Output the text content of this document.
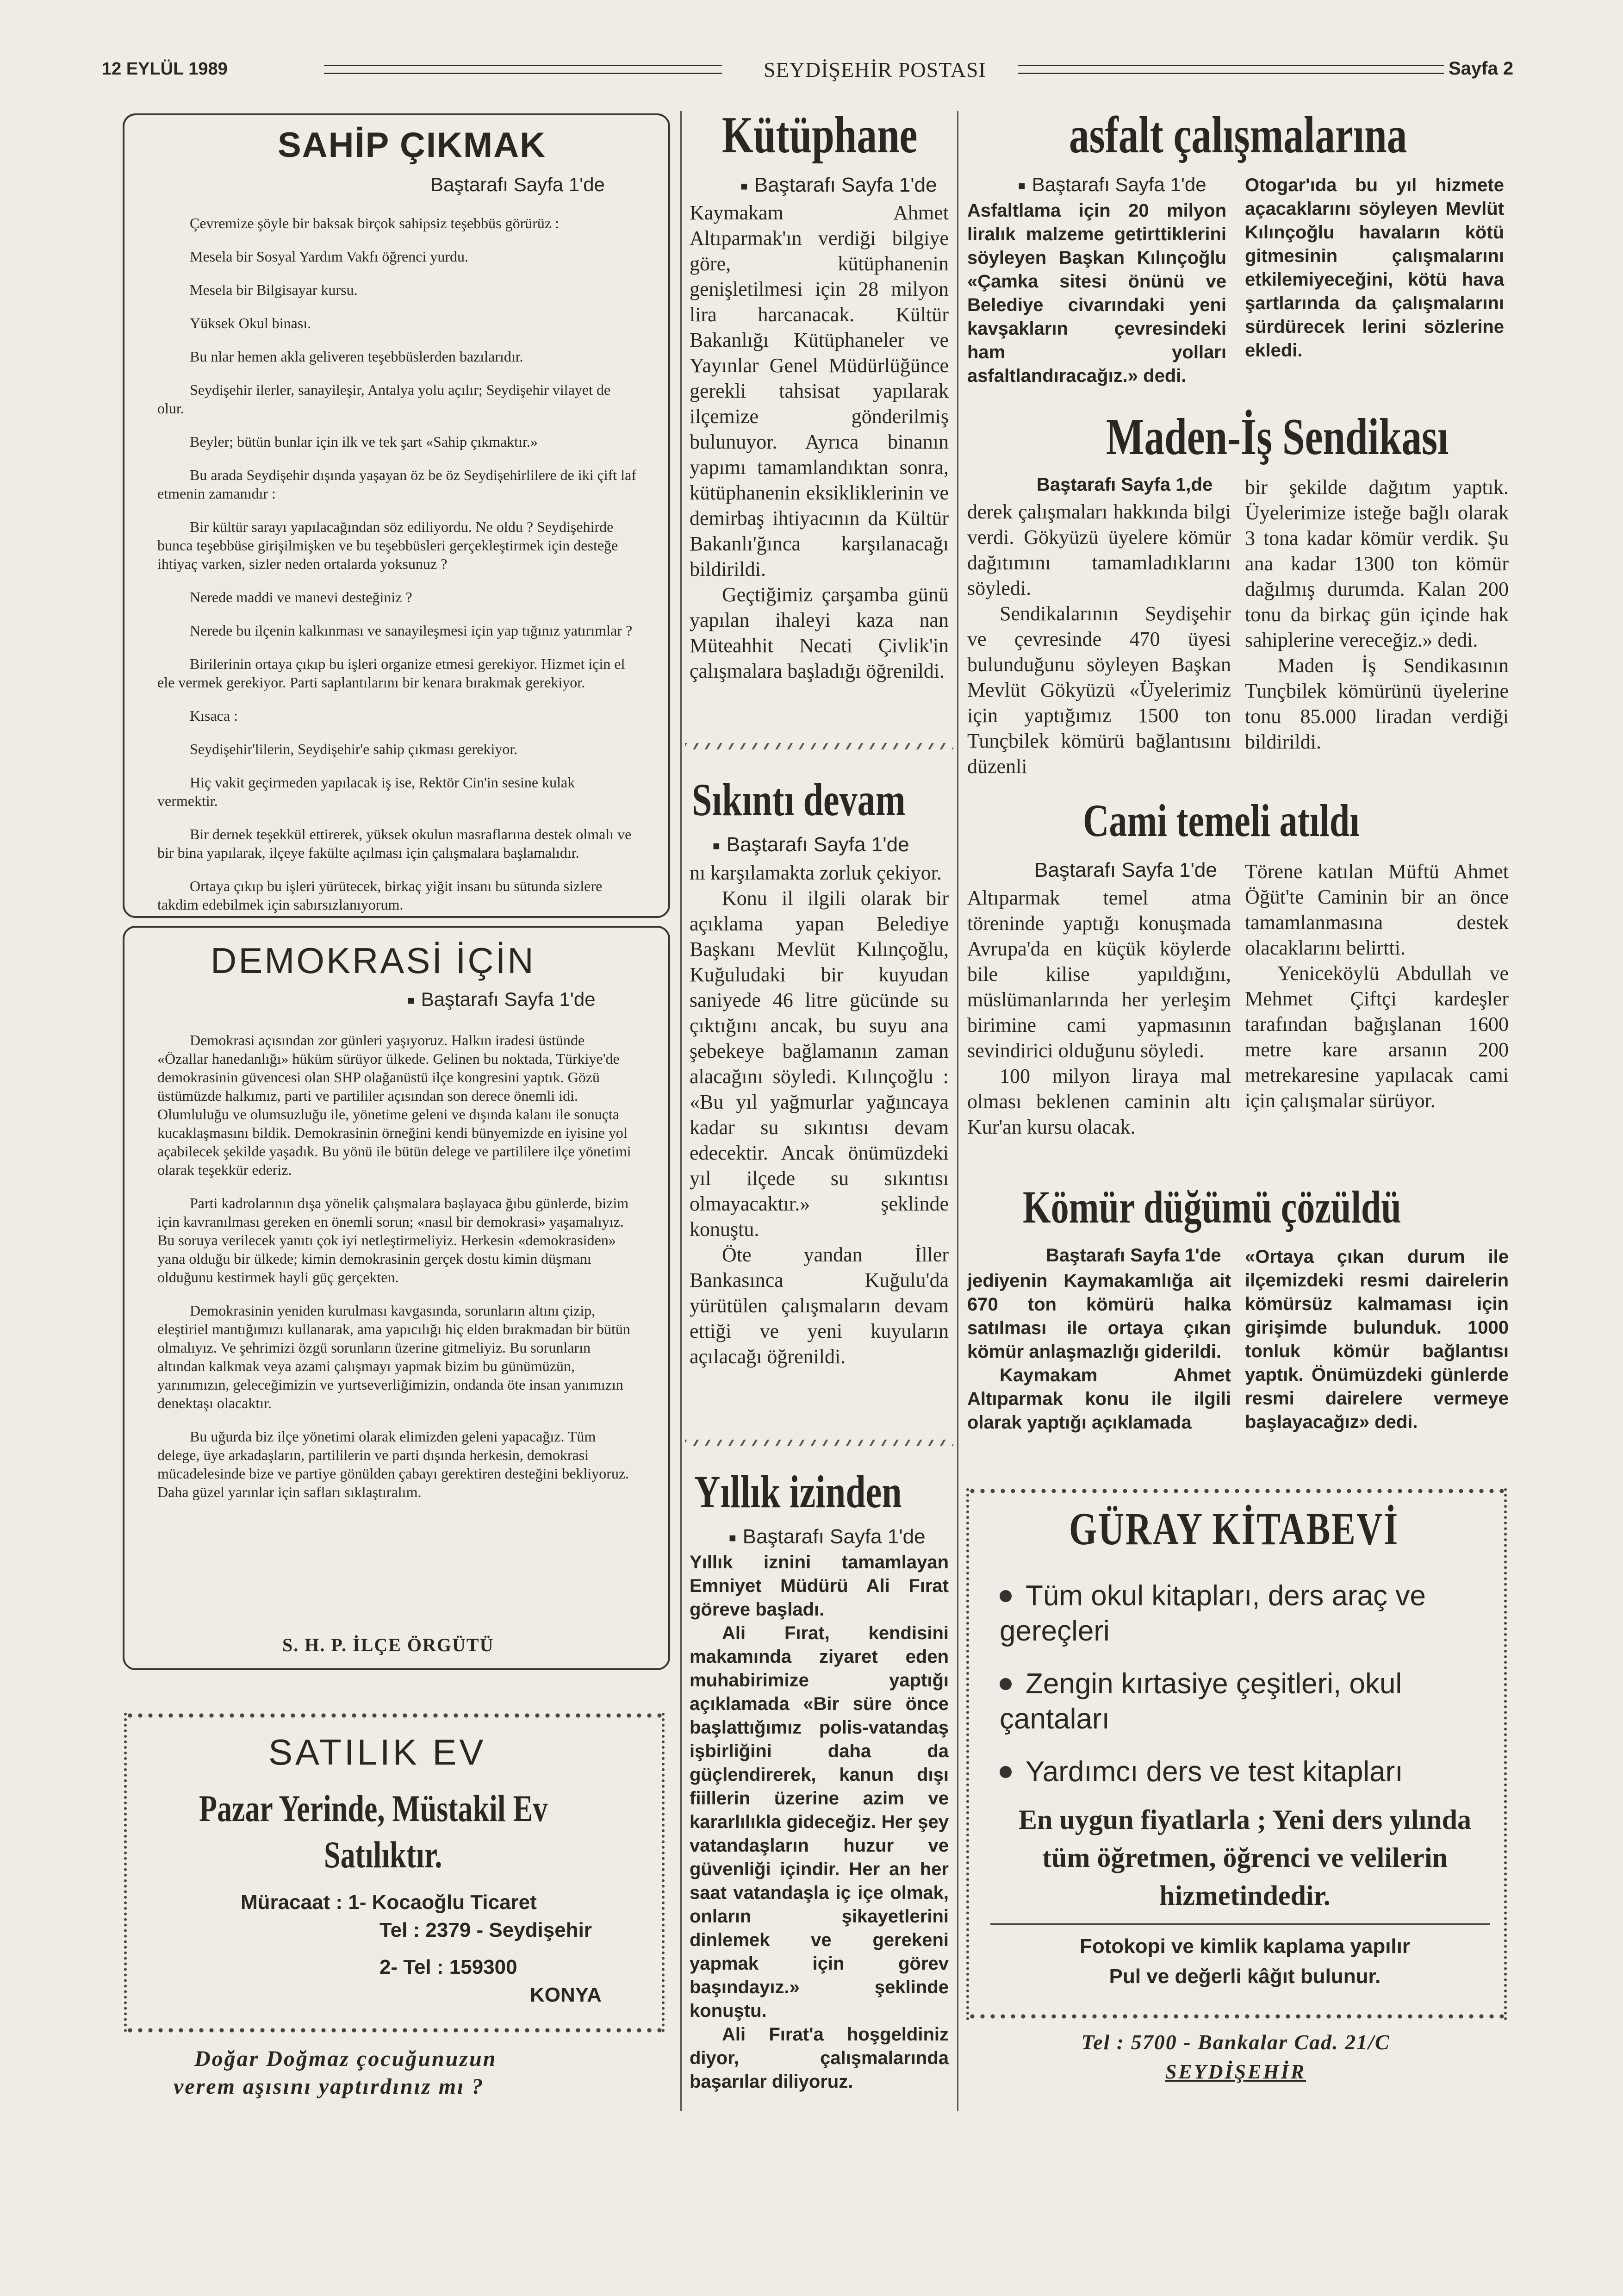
12 EYLÜL 1989	SEYDİŞEHİR POSTASI	Sayfa 2
SAHİP ÇIKMAK
Baştarafı Sayfa 1'de

Çevremize şöyle bir baksak birçok sahipsiz teşebbüs görürüz :

Mesela bir Sosyal Yardım Vakfı öğrenci yurdu.

Mesela bir Bilgisayar kursu.

Yüksek Okul binası.

Bu nlar hemen akla geliveren teşebbüslerden bazılarıdır.

Seydişehir ilerler, sanayileşir, Antalya yolu açılır; Seydişehir vilayet de olur.

Beyler; bütün bunlar için ilk ve tek şart «Sahip çıkmaktır.»

Bu arada Seydişehir dışında yaşayan öz be öz Seydişehirlilere de iki çift laf etmenin zamanıdır :

Bir kültür sarayı yapılacağından söz ediliyordu. Ne oldu ? Seydişehirde bunca teşebbüse girişilmişken ve bu teşebbüsleri gerçekleştirmek için desteğe ihtiyaç varken, sizler neden ortalarda yoksunuz ?

Nerede maddi ve manevi desteğiniz ?

Nerede bu ilçenin kalkınması ve sanayileşmesi için yap tığınız yatırımlar ?

Birilerinin ortaya çıkıp bu işleri organize etmesi gerekiyor. Hizmet için el ele vermek gerekiyor. Parti saplantılarını bir kenara bırakmak gerekiyor.

Kısaca :

Seydişehir'lilerin, Seydişehir'e sahip çıkması gerekiyor.

Hiç vakit geçirmeden yapılacak iş ise, Rektör Cin'in sesine kulak vermektir.

Bir dernek teşekkül ettirerek, yüksek okulun masraflarına destek olmalı ve bir bina yapılarak, ilçeye fakülte açılması için çalışmalara başlamalıdır.

Ortaya çıkıp bu işleri yürütecek, birkaç yiğit insanı bu sütunda sizlere takdim edebilmek için sabırsızlanıyorum.

DEMOKRASİ İÇİN
■ Baştarafı Sayfa 1'de

Demokrasi açısından zor günleri yaşıyoruz. Halkın iradesi üstünde «Özallar hanedanlığı» hüküm sürüyor ülkede. Gelinen bu noktada, Türkiye'de demokrasinin güvencesi olan SHP olağanüstü ilçe kongresini yaptık. Gözü üstümüzde halkımız, parti ve partililer açısından son derece önemli idi. Olumluluğu ve olumsuzluğu ile, yönetime geleni ve dışında kalanı ile sonuçta kucaklaşmasını bildik. Demokrasinin örneğini kendi bünyemizde en iyisine yol açabilecek şekilde yaşadık. Bu yönü ile bütün delege ve partililere ilçe yönetimi olarak teşekkür ederiz.

Parti kadrolarının dışa yönelik çalışmalara başlayaca ğıbu günlerde, bizim için kavranılması gereken en önemli sorun; «nasıl bir demokrasi» yaşamalıyız. Bu soruya verilecek yanıtı çok iyi netleştirmeliyiz. Herkesin «demokrasiden» yana olduğu bir ülkede; kimin demokrasinin gerçek dostu kimin düşmanı olduğunu kestirmek hayli güç gerçekten.

Demokrasinin yeniden kurulması kavgasında, sorunların altını çizip, eleştiriel mantığımızı kullanarak, ama yapıcılığı hiç elden bırakmadan bir bütün olmalıyız. Ve şehrimizi özgü sorunların üzerine gitmeliyiz. Bu sorunların altından kalkmak veya azami çalışmayı yapmak bizim bu günümüzün, yarınımızın, geleceğimizin ve yurtseverliğimizin, ondanda öte insan yanımızın denektaşı olacaktır.

Bu uğurda biz ilçe yönetimi olarak elimizden geleni yapacağız. Tüm delege, üye arkadaşların, partililerin ve parti dışında herkesin, demokrasi mücadelesinde bize ve partiye gönülden çabayı gerektiren desteğini bekliyoruz. Daha güzel yarınlar için safları sıklaştıralım.

S. H. P. İLÇE ÖRGÜTÜ
SATILIK EV
Pazar Yerinde, Müstakil Ev
Satılıktır.
Müracaat : 1- Kocaoğlu Ticaret
Tel : 2379 - Seydişehir
2- Tel : 159300
KONYA
Doğar Doğmaz çocuğunuzun
verem aşısını yaptırdınız mı ?
Kütüphane
■ Baştarafı Sayfa 1'de

Kaymakam Ahmet Altıparmak'ın verdiği bilgiye göre, kütüphanenin genişletilmesi için 28 milyon lira harcanacak. Kültür Bakanlığı Kütüphaneler ve Yayınlar Genel Müdürlüğünce gerekli tahsisat yapılarak ilçemize gönderilmiş bulunuyor. Ayrıca binanın yapımı tamamlandıktan sonra, kütüphanenin eksikliklerinin ve demirbaş ihtiyacının da Kültür Bakanlı'ğınca karşılanacağı bildirildi.

Geçtiğimiz çarşamba günü yapılan ihaleyi kaza nan Müteahhit Necati Çivlik'in çalışmalara başladığı öğrenildi.

Sıkıntı devam
■ Baştarafı Sayfa 1'de

nı karşılamakta zorluk çekiyor.

Konu il ilgili olarak bir açıklama yapan Belediye Başkanı Mevlüt Kılınçoğlu, Kuğuludaki bir kuyudan saniyede 46 litre gücünde su çıktığını ancak, bu suyu ana şebekeye bağlamanın zaman alacağını söyledi. Kılınçoğlu : «Bu yıl yağmurlar yağıncaya kadar su sıkıntısı devam edecektir. Ancak önümüzdeki yıl ilçede su sıkıntısı olmayacaktır.» şeklinde konuştu.

Öte yandan İller Bankasınca Kuğulu'da yürütülen çalışmaların devam ettiği ve yeni kuyuların açılacağı öğrenildi.

Yıllık izinden
■ Baştarafı Sayfa 1'de

Yıllık iznini tamamlayan Emniyet Müdürü Ali Fırat göreve başladı.

Ali Fırat, kendisini makamında ziyaret eden muhabirimize yaptığı açıklamada «Bir süre önce başlattığımız polis-vatandaş işbirliğini daha da güçlendirerek, kanun dışı fiillerin üzerine azim ve kararlılıkla gideceğiz. Her şey vatandaşların huzur ve güvenliği içindir. Her an her saat vatandaşla iç içe olmak, onların şikayetlerini dinlemek ve gerekeni yapmak için görev başındayız.» şeklinde konuştu.

Ali Fırat'a hoşgeldiniz diyor, çalışmalarında başarılar diliyoruz.

asfalt çalışmalarına
■ Baştarafı Sayfa 1'de

Asfaltlama için 20 milyon liralık malzeme getirttiklerini söyleyen Başkan Kılınçoğlu «Çamka sitesi önünü ve Belediye civarındaki yeni kavşakların çevresindeki ham yolları asfaltlandıracağız.» dedi.

Otogar'ıda bu yıl hizmete açacaklarını söyleyen Mevlüt Kılınçoğlu havaların kötü gitmesinin çalışmalarını etkilemiyeceğini, kötü hava şartlarında da çalışmalarını sürdürecek lerini sözlerine ekledi.

Maden-İş Sendikası
Baştarafı Sayfa 1,de

derek çalışmaları hakkında bilgi verdi. Gökyüzü üyelere kömür dağıtımını tamamladıklarını söyledi.

Sendikalarının Seydişehir ve çevresinde 470 üyesi bulunduğunu söyleyen Başkan Mevlüt Gökyüzü «Üyelerimiz için yaptığımız 1500 ton Tunçbilek kömürü bağlantısını düzenli

bir şekilde dağıtım yaptık. Üyelerimize isteğe bağlı olarak 3 tona kadar kömür verdik. Şu ana kadar 1300 ton kömür dağılmış durumda. Kalan 200 tonu da birkaç gün içinde hak sahiplerine vereceğiz.» dedi.

Maden İş Sendikasının Tunçbilek kömürünü üyelerine tonu 85.000 liradan verdiği bildirildi.

Cami temeli atıldı
Baştarafı Sayfa 1'de

Altıparmak temel atma töreninde yaptığı konuşmada Avrupa'da en küçük köylerde bile kilise yapıldığını, müslümanlarında her yerleşim birimine cami yapmasının sevindirici olduğunu söyledi.

100 milyon liraya mal olması beklenen caminin altı Kur'an kursu olacak.

Törene katılan Müftü Ahmet Öğüt'te Caminin bir an önce tamamlanmasına destek olacaklarını belirtti.

Yeniceköylü Abdullah ve Mehmet Çiftçi kardeşler tarafından bağışlanan 1600 metre kare arsanın 200 metrekaresine yapılacak cami için çalışmalar sürüyor.

Kömür düğümü çözüldü
Baştarafı Sayfa 1'de

jediyenin Kaymakamlığa ait 670 ton kömürü halka satılması ile ortaya çıkan kömür anlaşmazlığı giderildi.

Kaymakam Ahmet Altıparmak konu ile ilgili olarak yaptığı açıklamada

«Ortaya çıkan durum ile ilçemizdeki resmi dairelerin kömürsüz kalmaması için girişimde bulunduk. 1000 tonluk kömür bağlantısı yaptık. Önümüzdeki günlerde resmi dairelere vermeye başlayacağız» dedi.

GÜRAY KİTABEVİ
Tüm okul kitapları, ders araç ve gereçleri
Zengin kırtasiye çeşitleri, okul çantaları
Yardımcı ders ve test kitapları
En uygun fiyatlarla ; Yeni ders yılında tüm öğretmen, öğrenci ve velilerin hizmetindedir.
Fotokopi ve kimlik kaplama yapılır
Pul ve değerli kâğıt bulunur.
Tel : 5700 - Bankalar Cad. 21/C
SEYDİŞEHİR
